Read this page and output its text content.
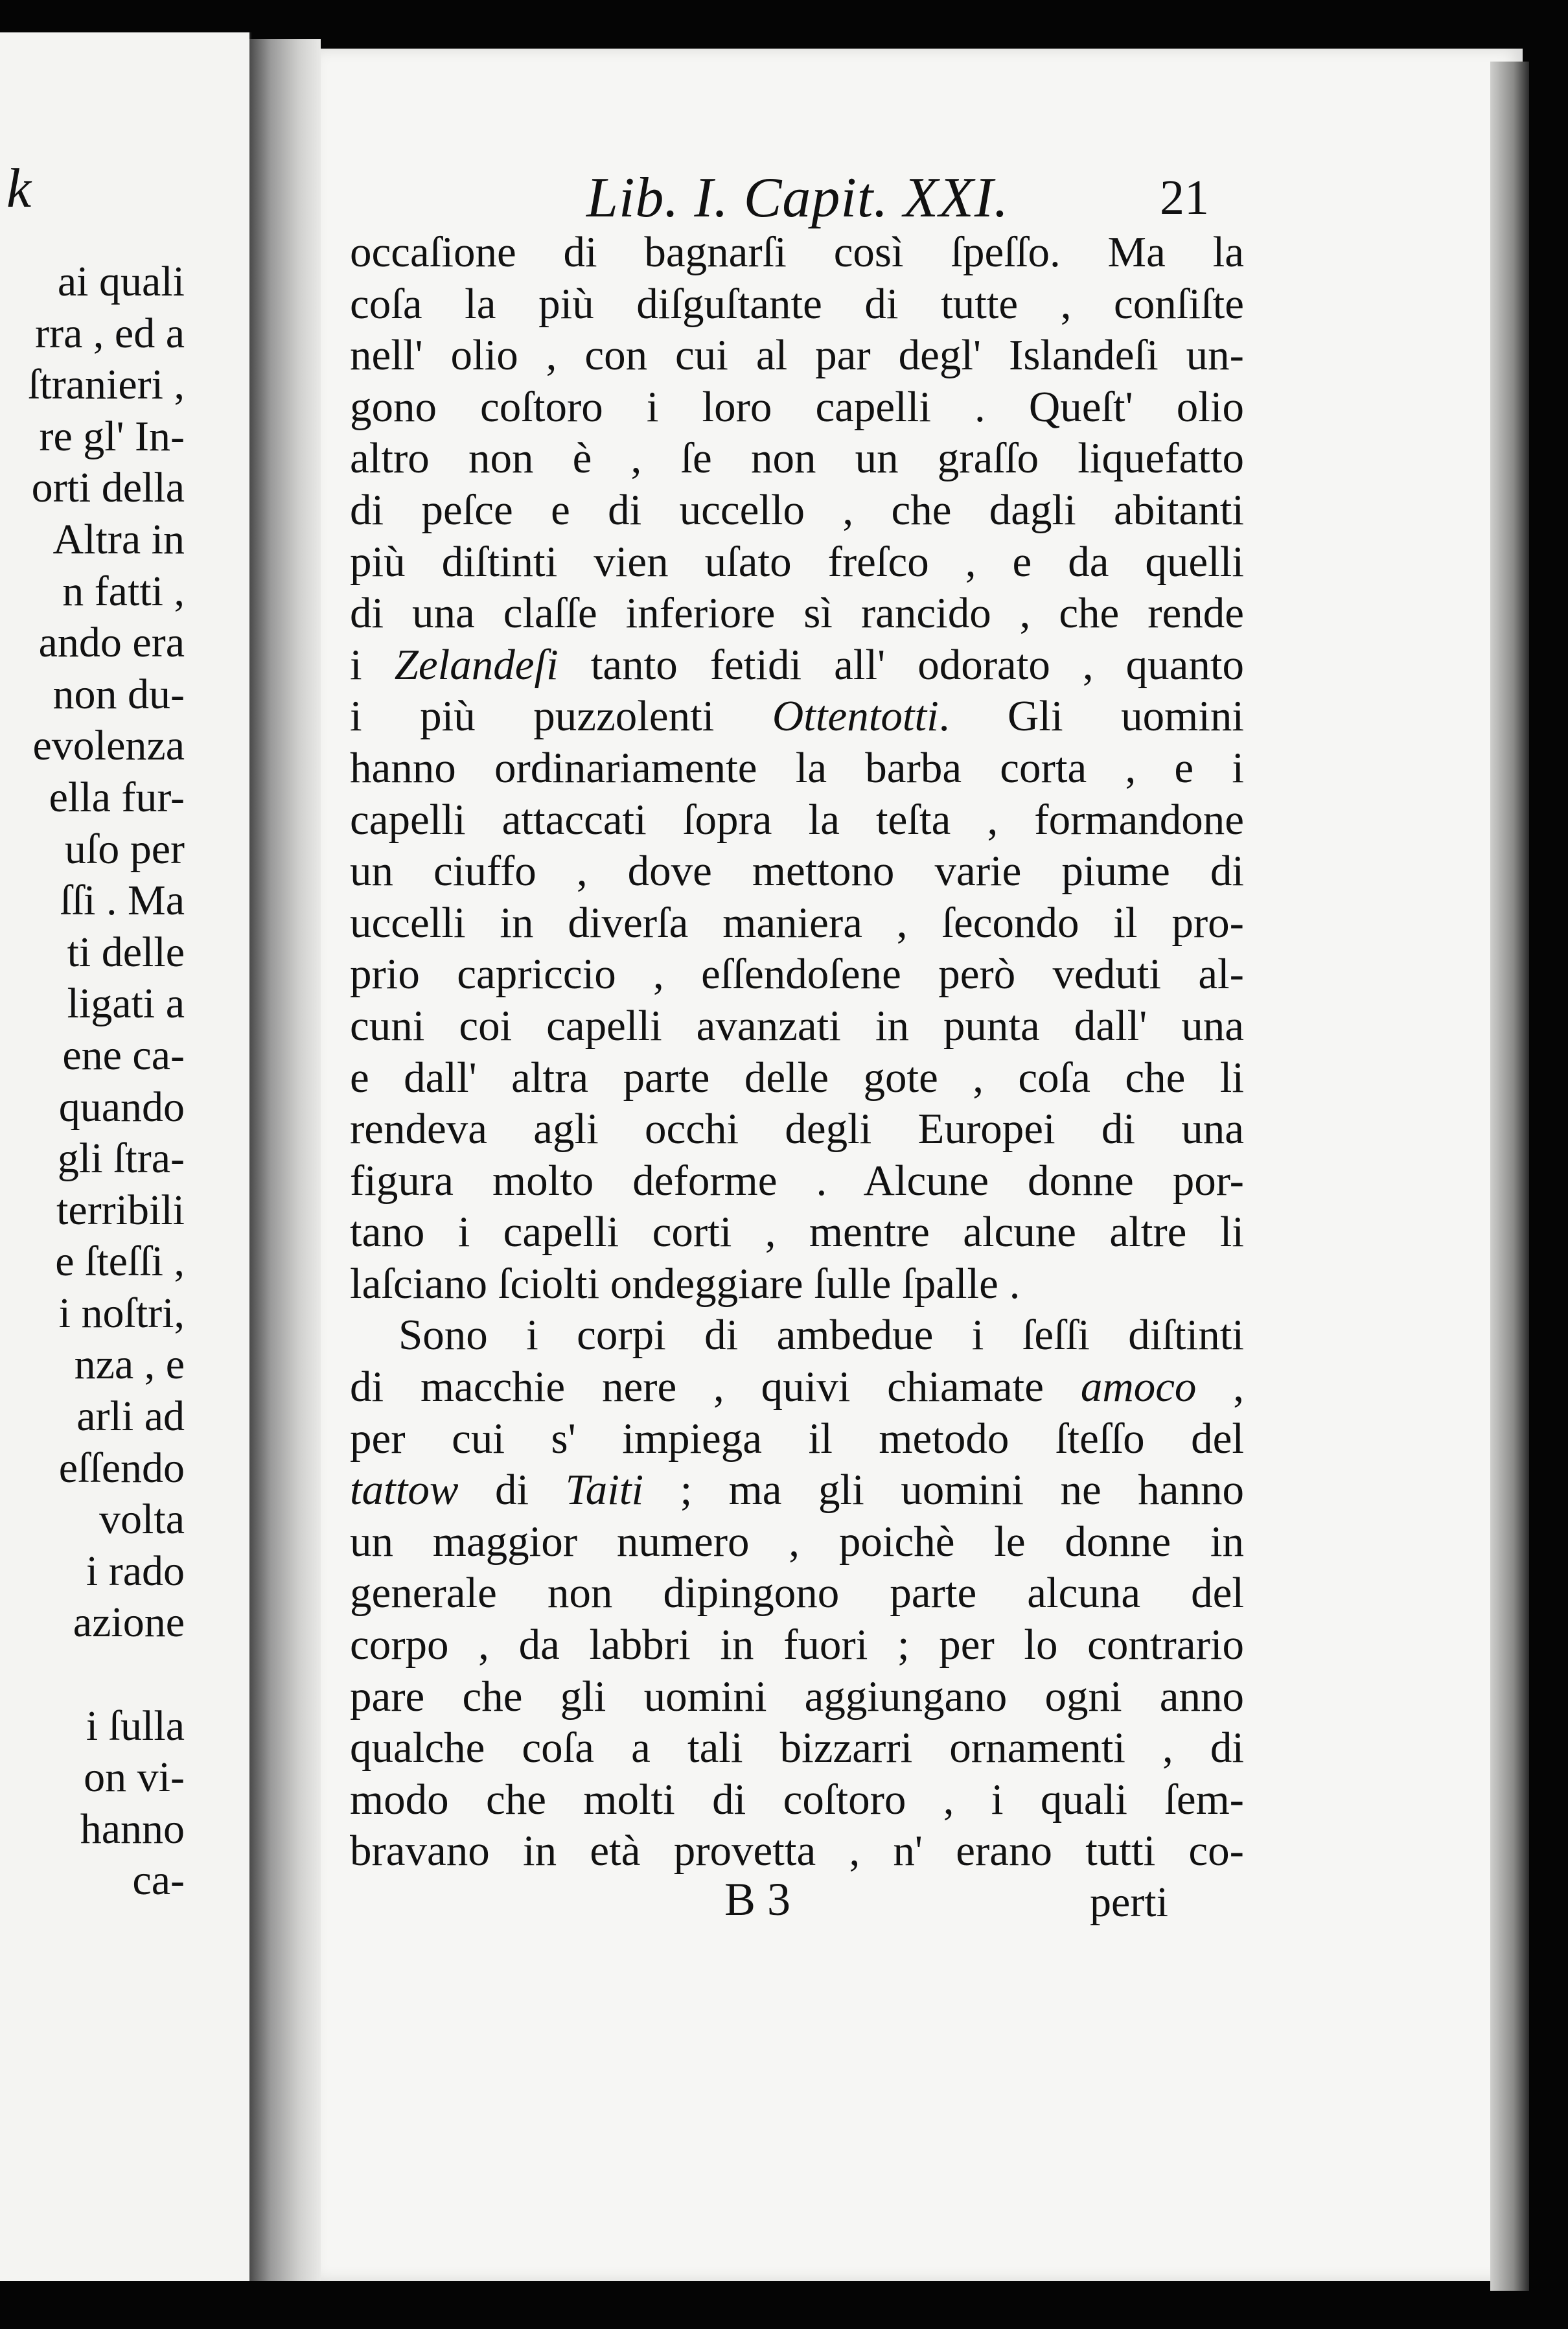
k
ai quali
rra , ed a
ſtranieri ,
re gl' In-
orti della
Altra in
n fatti ,
ando era
non du-
evolenza
ella fur-
uſo per
ſſi . Ma
ti delle
ligati a
ene ca-
quando
gli ſtra-
terribili
e ſteſſi ,
i noſtri,
nza , e
arli ad
eſſendo
volta
i rado
azione
i ſulla
on vi-
hanno
ca-
Lib. I. Capit. XXI.	21
occaſione di bagnarſi così ſpeſſo. Ma la
coſa la più diſguſtante di tutte , conſiſte
nell' olio , con cui al par degl' Islandeſi un-
gono coſtoro i loro capelli . Queſt' olio
altro non è , ſe non un graſſo liquefatto
di peſce e di uccello , che dagli abitanti
più diſtinti vien uſato freſco , e da quelli
di una claſſe inferiore sì rancido , che rende
i Zelandeſi tanto fetidi all' odorato , quanto
i più puzzolenti Ottentotti. Gli uomini
hanno ordinariamente la barba corta , e i
capelli attaccati ſopra la teſta , formandone
un ciuffo , dove mettono varie piume di
uccelli in diverſa maniera , ſecondo il pro-
prio capriccio , eſſendoſene però veduti al-
cuni coi capelli avanzati in punta dall' una
e dall' altra parte delle gote , coſa che li
rendeva agli occhi degli Europei di una
figura molto deforme . Alcune donne por-
tano i capelli corti , mentre alcune altre li
laſciano ſciolti ondeggiare ſulle ſpalle .
Sono i corpi di ambedue i ſeſſi diſtinti
di macchie nere , quivi chiamate amoco ,
per cui s' impiega il metodo ſteſſo del
tattow di Taiti ; ma gli uomini ne hanno
un maggior numero , poichè le donne in
generale non dipingono parte alcuna del
corpo , da labbri in fuori ; per lo contrario
pare che gli uomini aggiungano ogni anno
qualche coſa a tali bizzarri ornamenti , di
modo che molti di coſtoro , i quali ſem-
bravano in età provetta , n' erano tutti co-
B 3	perti
